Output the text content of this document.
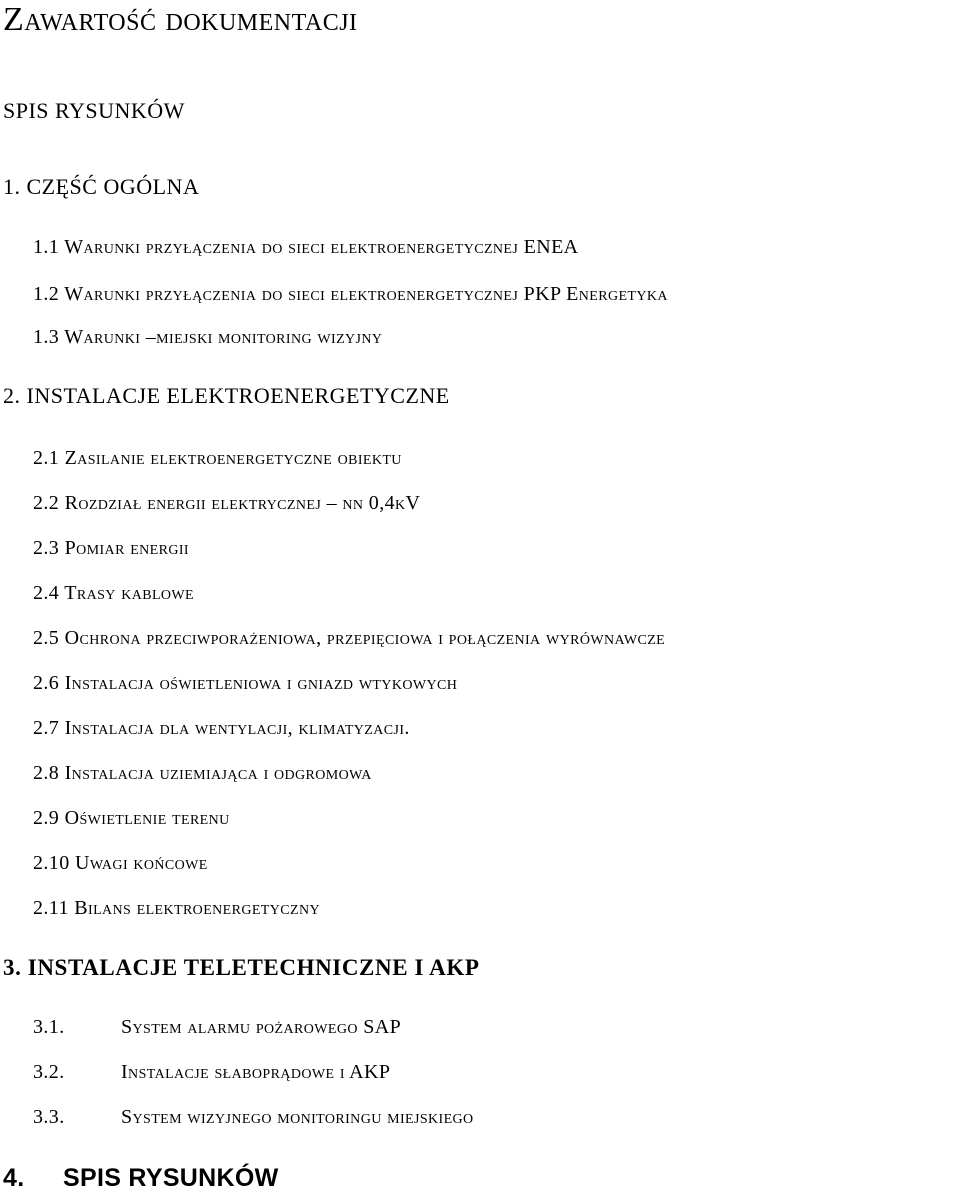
Zawartość dokumentacji
SPIS RYSUNKÓW
1. CZĘŚĆ OGÓLNA
1.1 Warunki przyłączenia do sieci elektroenergetycznej ENEA
1.2 Warunki przyłączenia do sieci elektroenergetycznej PKP Energetyka
1.3 Warunki –miejski monitoring wizyjny
2. INSTALACJE ELEKTROENERGETYCZNE
2.1 Zasilanie elektroenergetyczne obiektu
2.2 Rozdział energii elektrycznej – nn 0,4kV
2.3 Pomiar energii
2.4 Trasy kablowe
2.5 Ochrona przeciwporażeniowa, przepięciowa i połączenia wyrównawcze
2.6 Instalacja oświetleniowa i gniazd wtykowych
2.7 Instalacja dla wentylacji, klimatyzacji.
2.8 Instalacja uziemiająca i odgromowa
2.9 Oświetlenie terenu
2.10 Uwagi końcowe
2.11 Bilans elektroenergetyczny
3. INSTALACJE TELETECHNICZNE I AKP
3.1.	System alarmu pożarowego SAP
3.2.	Instalacje słaboprądowe i AKP
3.3.	System wizyjnego monitoringu miejskiego
4. SPIS RYSUNKÓW
